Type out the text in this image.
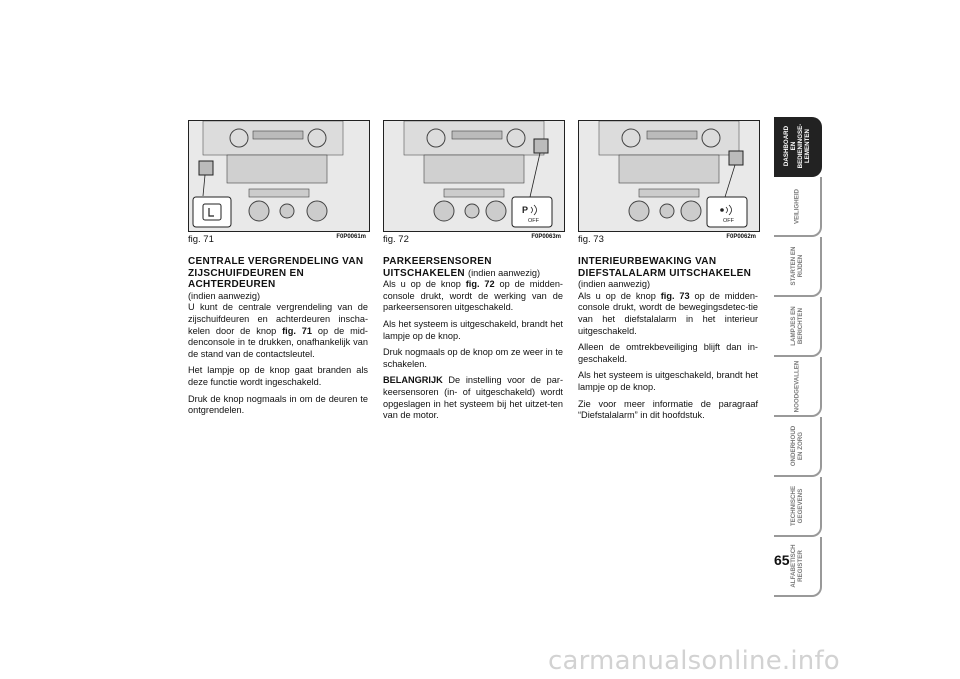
fig. 71	F0P0061m
P
OFF
fig. 72	F0P0063m
OFF
fig. 73	F0P0062m
CENTRALE VERGRENDELING VAN ZIJSCHUIFDEUREN EN ACHTERDEUREN
(indien aanwezig)

U kunt de centrale vergrendeling van de zijschuifdeuren en achterdeuren inscha-kelen door de knop fig. 71 op de mid-denconsole in te drukken, onafhankelijk van de stand van de contactsleutel.

Het lampje op de knop gaat branden als deze functie wordt ingeschakeld.

Druk de knop nogmaals in om de deuren te ontgrendelen.

PARKEERSENSOREN UITSCHAKELEN (indien aanwezig)

Als u op de knop fig. 72 op de midden-console drukt, wordt de werking van de parkeersensoren uitgeschakeld.

Als het systeem is uitgeschakeld, brandt het lampje op de knop.

Druk nogmaals op de knop om ze weer in te schakelen.

BELANGRIJK De instelling voor de par-keersensoren (in- of uitgeschakeld) wordt opgeslagen in het systeem bij het uitzet-ten van de motor.

INTERIEURBEWAKING VAN DIEFSTALALARM UITSCHAKELEN (indien aanwezig)

Als u op de knop fig. 73 op de midden-console drukt, wordt de bewegingsdetec-tie van het diefstalalarm in het interieur uitgeschakeld.

Alleen de omtrekbeveiliging blijft dan in-geschakeld.

Als het systeem is uitgeschakeld, brandt het lampje op de knop.

Zie voor meer informatie de paragraaf “Diefstalalarm” in dit hoofdstuk.

DASHBOARD EN
BEDIENINGSE-
LEMENTEN
VEILIGHEID
STARTEN EN
RIJDEN
LAMPJES EN
BERICHTEN
NOODGEVALLEN
ONDERHOUD
EN ZORG
TECHNISCHE
GEGEVENS
ALFABETISCH
REGISTER
65
carmanualsonline.info
